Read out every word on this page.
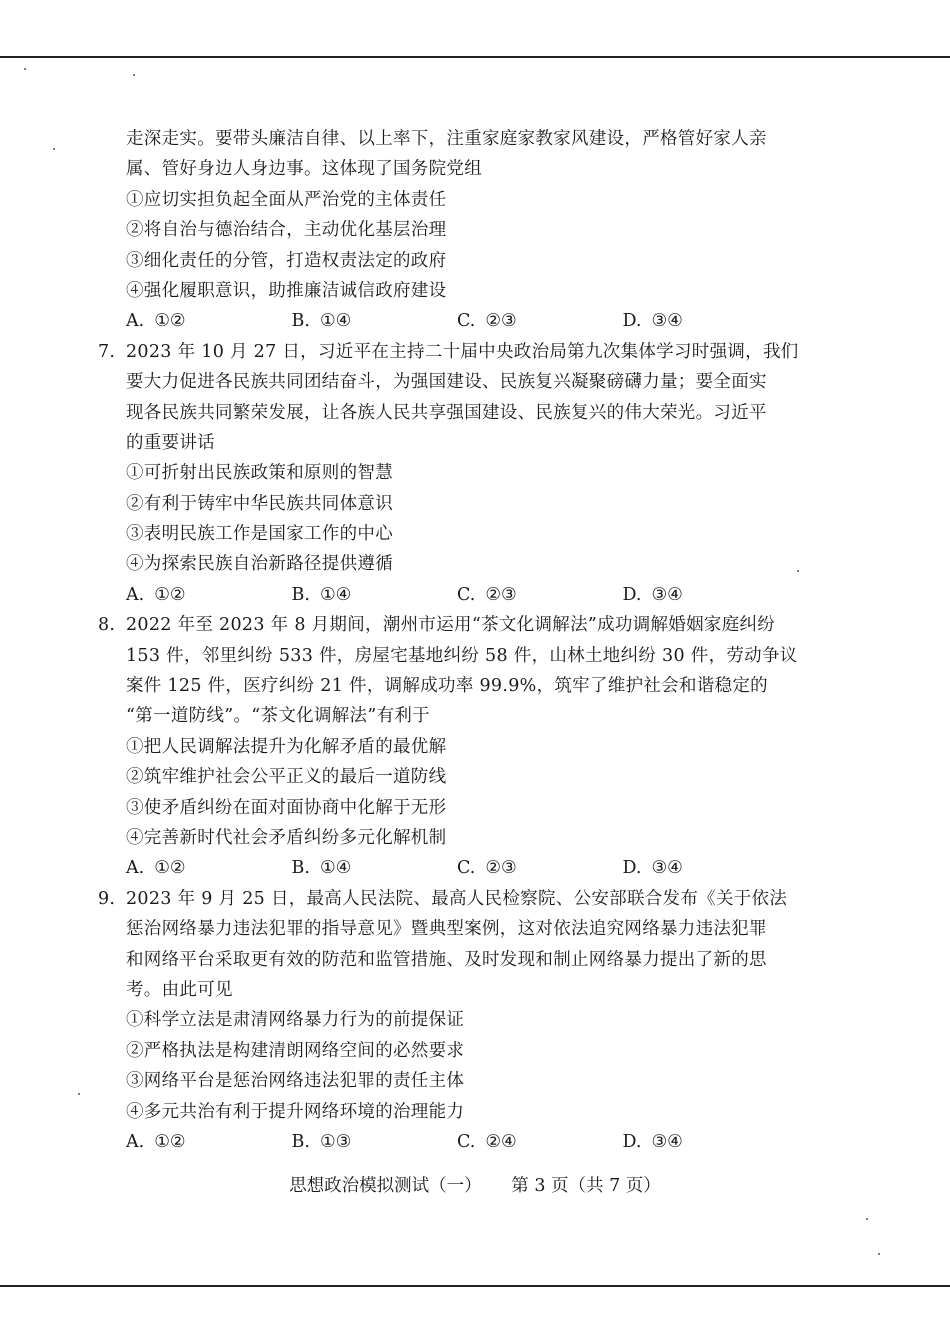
走深走实。要带头廉洁自律、以上率下，注重家庭家教家风建设，严格管好家人亲
属、管好身边人身边事。这体现了国务院党组
①应切实担负起全面从严治党的主体责任
②将自治与德治结合，主动优化基层治理
③细化责任的分管，打造权责法定的政府
④强化履职意识，助推廉洁诚信政府建设
A. ①②	B. ①④	C. ②③	D. ③④
7. 2023 年 10 月 27 日，习近平在主持二十届中央政治局第九次集体学习时强调，我们
要大力促进各民族共同团结奋斗，为强国建设、民族复兴凝聚磅礴力量；要全面实
现各民族共同繁荣发展，让各族人民共享强国建设、民族复兴的伟大荣光。习近平
的重要讲话
①可折射出民族政策和原则的智慧
②有利于铸牢中华民族共同体意识
③表明民族工作是国家工作的中心
④为探索民族自治新路径提供遵循
A. ①②	B. ①④	C. ②③	D. ③④
8. 2022 年至 2023 年 8 月期间，潮州市运用“茶文化调解法”成功调解婚姻家庭纠纷
153 件，邻里纠纷 533 件，房屋宅基地纠纷 58 件，山林土地纠纷 30 件，劳动争议
案件 125 件，医疗纠纷 21 件，调解成功率 99.9%，筑牢了维护社会和谐稳定的
“第一道防线”。“茶文化调解法”有利于
①把人民调解法提升为化解矛盾的最优解
②筑牢维护社会公平正义的最后一道防线
③使矛盾纠纷在面对面协商中化解于无形
④完善新时代社会矛盾纠纷多元化解机制
A. ①②	B. ①④	C. ②③	D. ③④
9. 2023 年 9 月 25 日，最高人民法院、最高人民检察院、公安部联合发布《关于依法
惩治网络暴力违法犯罪的指导意见》暨典型案例，这对依法追究网络暴力违法犯罪
和网络平台采取更有效的防范和监管措施、及时发现和制止网络暴力提出了新的思
考。由此可见
①科学立法是肃清网络暴力行为的前提保证
②严格执法是构建清朗网络空间的必然要求
③网络平台是惩治网络违法犯罪的责任主体
④多元共治有利于提升网络环境的治理能力
A. ①②	B. ①③	C. ②④	D. ③④
思想政治模拟测试（一） 第 3 页（共 7 页）
